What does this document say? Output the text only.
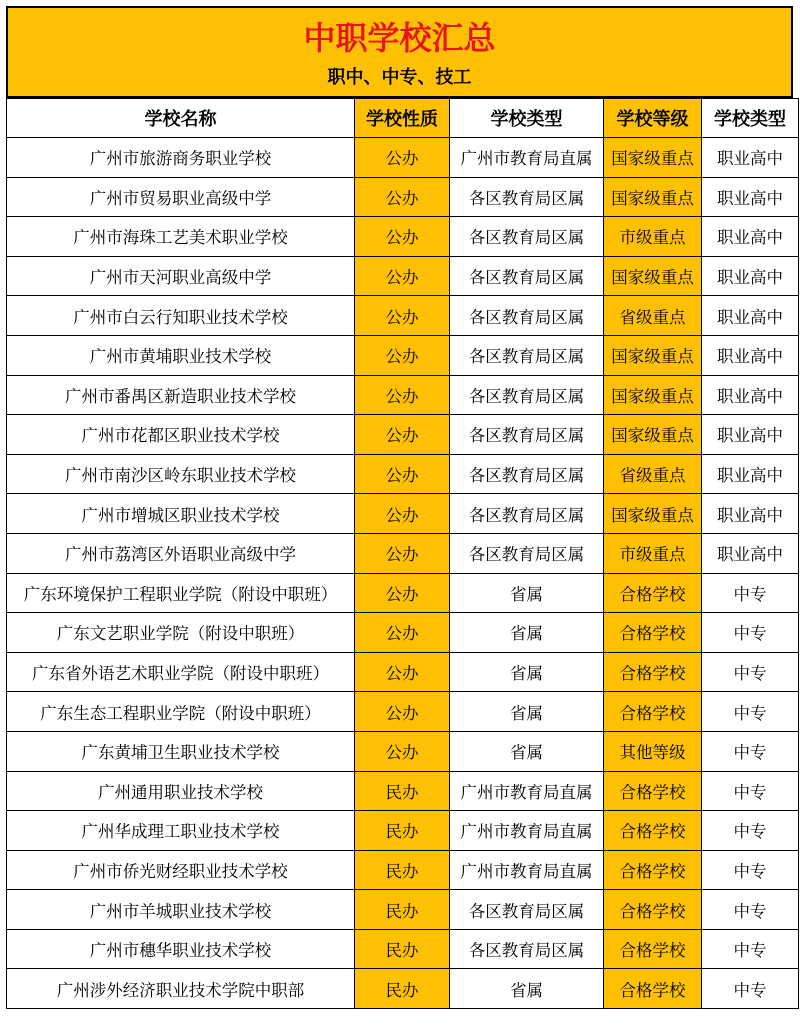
中职学校汇总
职中、中专、技工
学校名称	学校性质	学校类型	学校等级	学校类型
广州市旅游商务职业学校	公办	广州市教育局直属	国家级重点	职业高中
广州市贸易职业高级中学	公办	各区教育局区属	国家级重点	职业高中
广州市海珠工艺美术职业学校	公办	各区教育局区属	市级重点	职业高中
广州市天河职业高级中学	公办	各区教育局区属	国家级重点	职业高中
广州市白云行知职业技术学校	公办	各区教育局区属	省级重点	职业高中
广州市黄埔职业技术学校	公办	各区教育局区属	国家级重点	职业高中
广州市番禺区新造职业技术学校	公办	各区教育局区属	国家级重点	职业高中
广州市花都区职业技术学校	公办	各区教育局区属	国家级重点	职业高中
广州市南沙区岭东职业技术学校	公办	各区教育局区属	省级重点	职业高中
广州市增城区职业技术学校	公办	各区教育局区属	国家级重点	职业高中
广州市荔湾区外语职业高级中学	公办	各区教育局区属	市级重点	职业高中
广东环境保护工程职业学院（附设中职班）	公办	省属	合格学校	中专
广东文艺职业学院（附设中职班）	公办	省属	合格学校	中专
广东省外语艺术职业学院（附设中职班）	公办	省属	合格学校	中专
广东生态工程职业学院（附设中职班）	公办	省属	合格学校	中专
广东黄埔卫生职业技术学校	公办	省属	其他等级	中专
广州通用职业技术学校	民办	广州市教育局直属	合格学校	中专
广州华成理工职业技术学校	民办	广州市教育局直属	合格学校	中专
广州市侨光财经职业技术学校	民办	广州市教育局直属	合格学校	中专
广州市羊城职业技术学校	民办	各区教育局区属	合格学校	中专
广州市穗华职业技术学校	民办	各区教育局区属	合格学校	中专
广州涉外经济职业技术学院中职部	民办	省属	合格学校	中专
